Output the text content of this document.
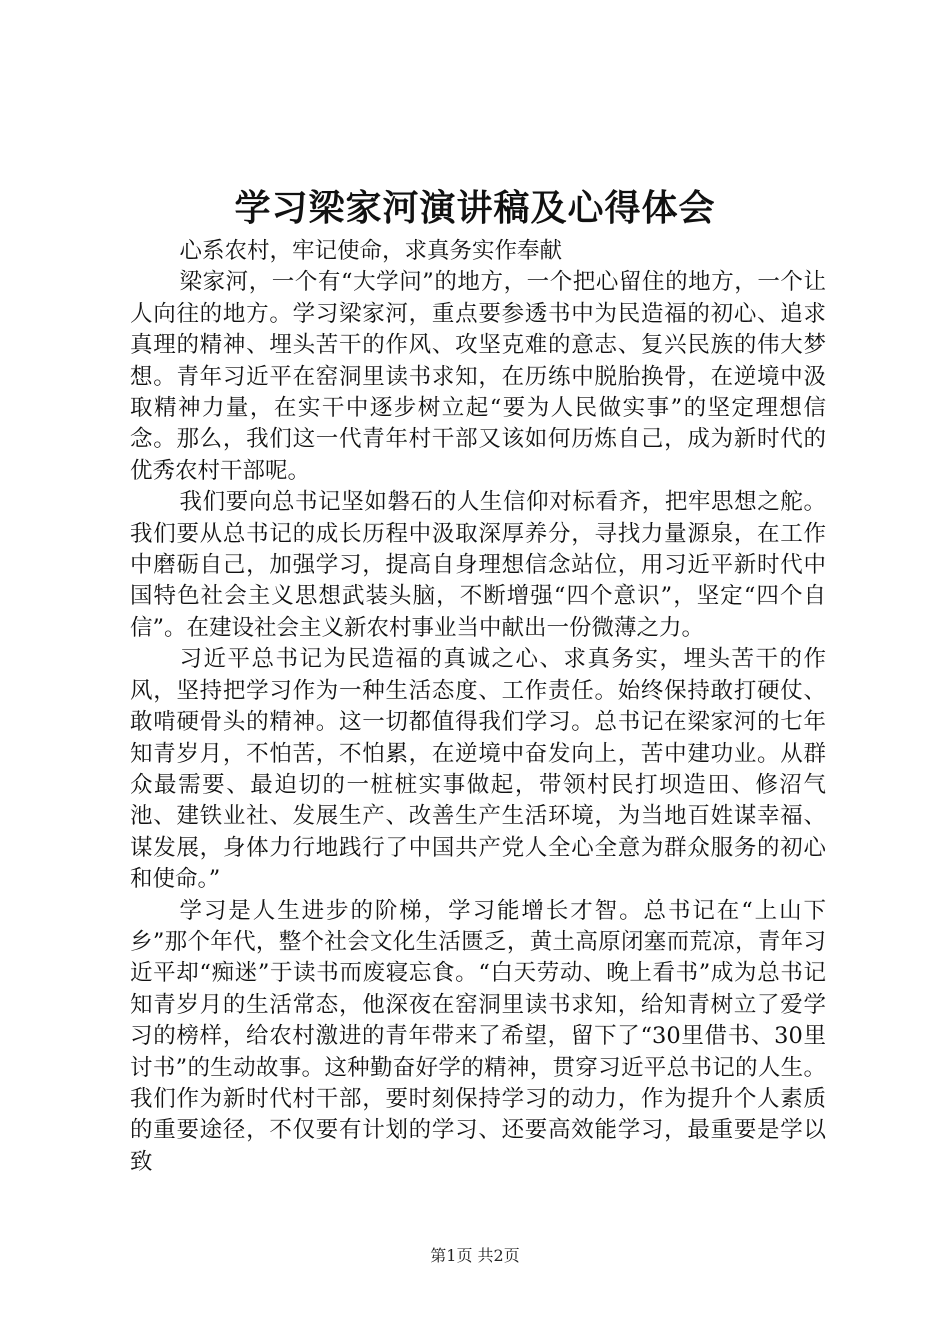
学习梁家河演讲稿及心得体会

心系农村，牢记使命，求真务实作奉献

梁家河，一个有“大学问”的地方，一个把心留住的地方，一个让人向往的地方。学习梁家河，重点要参透书中为民造福的初心、追求真理的精神、埋头苦干的作风、攻坚克难的意志、复兴民族的伟大梦想。青年习近平在窑洞里读书求知，在历练中脱胎换骨，在逆境中汲取精神力量，在实干中逐步树立起“要为人民做实事”的坚定理想信念。那么，我们这一代青年村干部又该如何历炼自己，成为新时代的优秀农村干部呢。

我们要向总书记坚如磐石的人生信仰对标看齐，把牢思想之舵。我们要从总书记的成长历程中汲取深厚养分，寻找力量源泉，在工作中磨砺自己，加强学习，提高自身理想信念站位，用习近平新时代中国特色社会主义思想武装头脑，不断增强“四个意识”，坚定“四个自信”。在建设社会主义新农村事业当中献出一份微薄之力。

习近平总书记为民造福的真诚之心、求真务实，埋头苦干的作风，坚持把学习作为一种生活态度、工作责任。始终保持敢打硬仗、敢啃硬骨头的精神。这一切都值得我们学习。总书记在梁家河的七年知青岁月，不怕苦，不怕累，在逆境中奋发向上，苦中建功业。从群众最需要、最迫切的一桩桩实事做起，带领村民打坝造田、修沼气池、建铁业社、发展生产、改善生产生活环境，为当地百姓谋幸福、谋发展，身体力行地践行了中国共产党人全心全意为群众服务的初心和使命。”

学习是人生进步的阶梯，学习能增长才智。总书记在“上山下乡”那个年代，整个社会文化生活匮乏，黄土高原闭塞而荒凉，青年习近平却“痴迷”于读书而废寝忘食。“白天劳动、晚上看书”成为总书记知青岁月的生活常态，他深夜在窑洞里读书求知，给知青树立了爱学习的榜样，给农村激进的青年带来了希望，留下了“30里借书、30里讨书”的生动故事。这种勤奋好学的精神，贯穿习近平总书记的人生。我们作为新时代村干部，要时刻保持学习的动力，作为提升个人素质的重要途径，不仅要有计划的学习、还要高效能学习，最重要是学以致

第1页 共2页
